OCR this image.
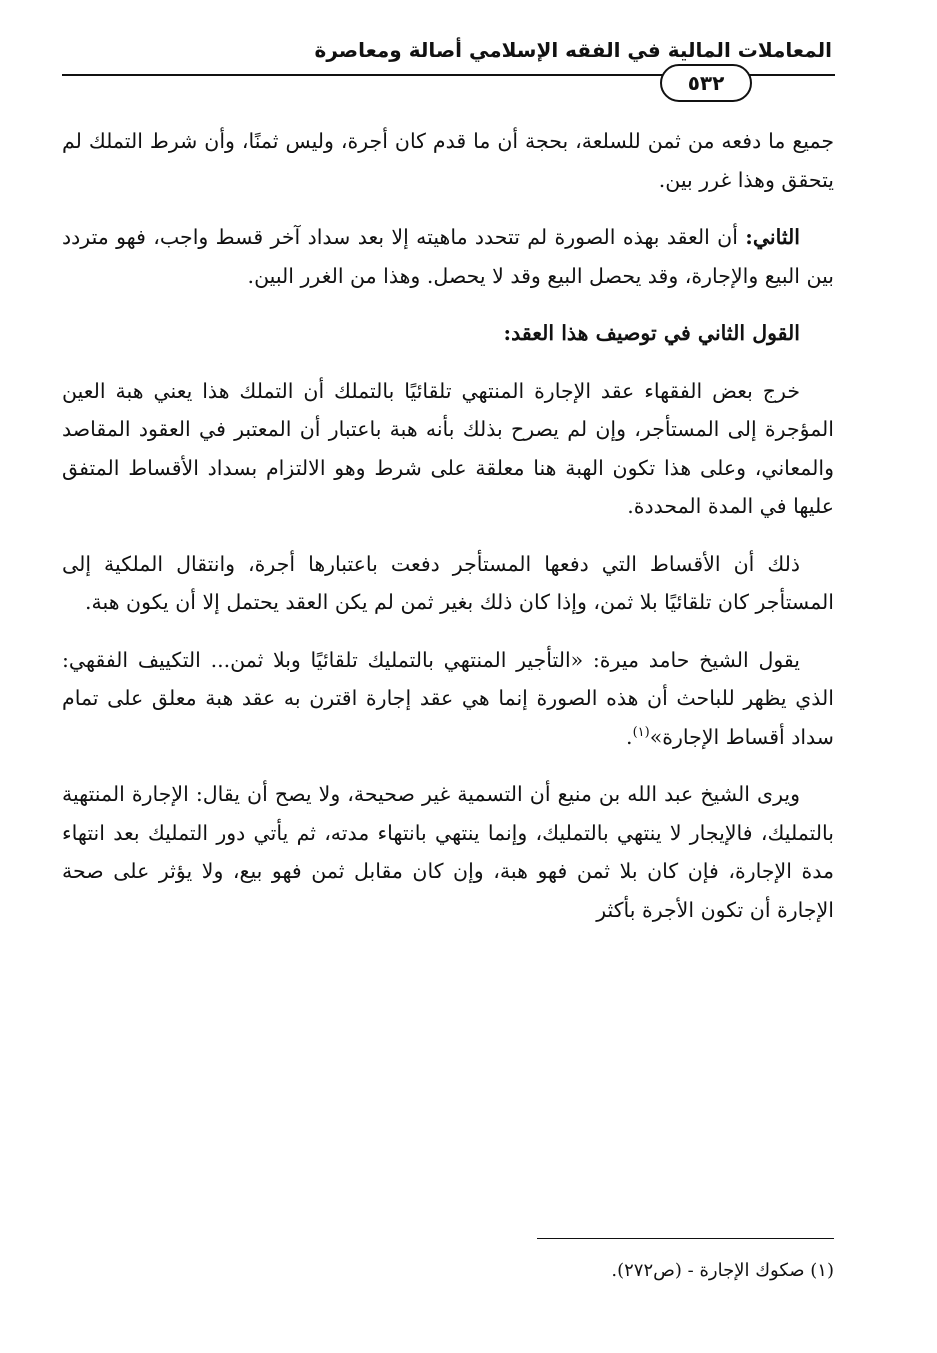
المعاملات المالية في الفقه الإسلامي أصالة ومعاصرة
٥٣٢

جميع ما دفعه من ثمن للسلعة، بحجة أن ما قدم كان أجرة، وليس ثمنًا، وأن شرط التملك لم يتحقق وهذا غرر بين.

الثاني: أن العقد بهذه الصورة لم تتحدد ماهيته إلا بعد سداد آخر قسط واجب، فهو متردد بين البيع والإجارة، وقد يحصل البيع وقد لا يحصل. وهذا من الغرر البين.

القول الثاني في توصيف هذا العقد:

خرج بعض الفقهاء عقد الإجارة المنتهي تلقائيًا بالتملك أن التملك هذا يعني هبة العين المؤجرة إلى المستأجر، وإن لم يصرح بذلك بأنه هبة باعتبار أن المعتبر في العقود المقاصد والمعاني، وعلى هذا تكون الهبة هنا معلقة على شرط وهو الالتزام بسداد الأقساط المتفق عليها في المدة المحددة.

ذلك أن الأقساط التي دفعها المستأجر دفعت باعتبارها أجرة، وانتقال الملكية إلى المستأجر كان تلقائيًا بلا ثمن، وإذا كان ذلك بغير ثمن لم يكن العقد يحتمل إلا أن يكون هبة.

يقول الشيخ حامد ميرة: «التأجير المنتهي بالتمليك تلقائيًا وبلا ثمن... التكييف الفقهي: الذي يظهر للباحث أن هذه الصورة إنما هي عقد إجارة اقترن به عقد هبة معلق على تمام سداد أقساط الإجارة»$^{(١)}$.

ويرى الشيخ عبد الله بن منيع أن التسمية غير صحيحة، ولا يصح أن يقال: الإجارة المنتهية بالتمليك، فالإيجار لا ينتهي بالتمليك، وإنما ينتهي بانتهاء مدته، ثم يأتي دور التمليك بعد انتهاء مدة الإجارة، فإن كان بلا ثمن فهو هبة، وإن كان مقابل ثمن فهو بيع، ولا يؤثر على صحة الإجارة أن تكون الأجرة بأكثر

(١) صكوك الإجارة - (ص٢٧٢).
